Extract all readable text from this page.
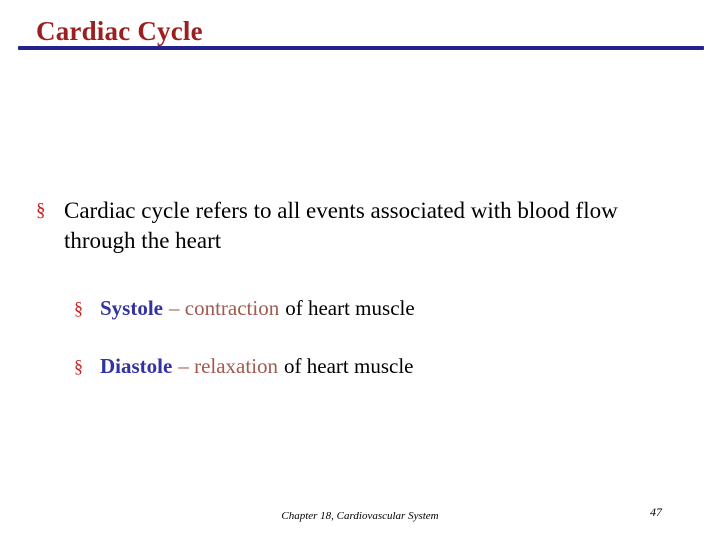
Cardiac Cycle
§ Cardiac cycle refers to all events associated with blood flow through the heart
§ Systole – contraction of heart muscle
§ Diastole – relaxation of heart muscle
Chapter 18, Cardiovascular System	47
